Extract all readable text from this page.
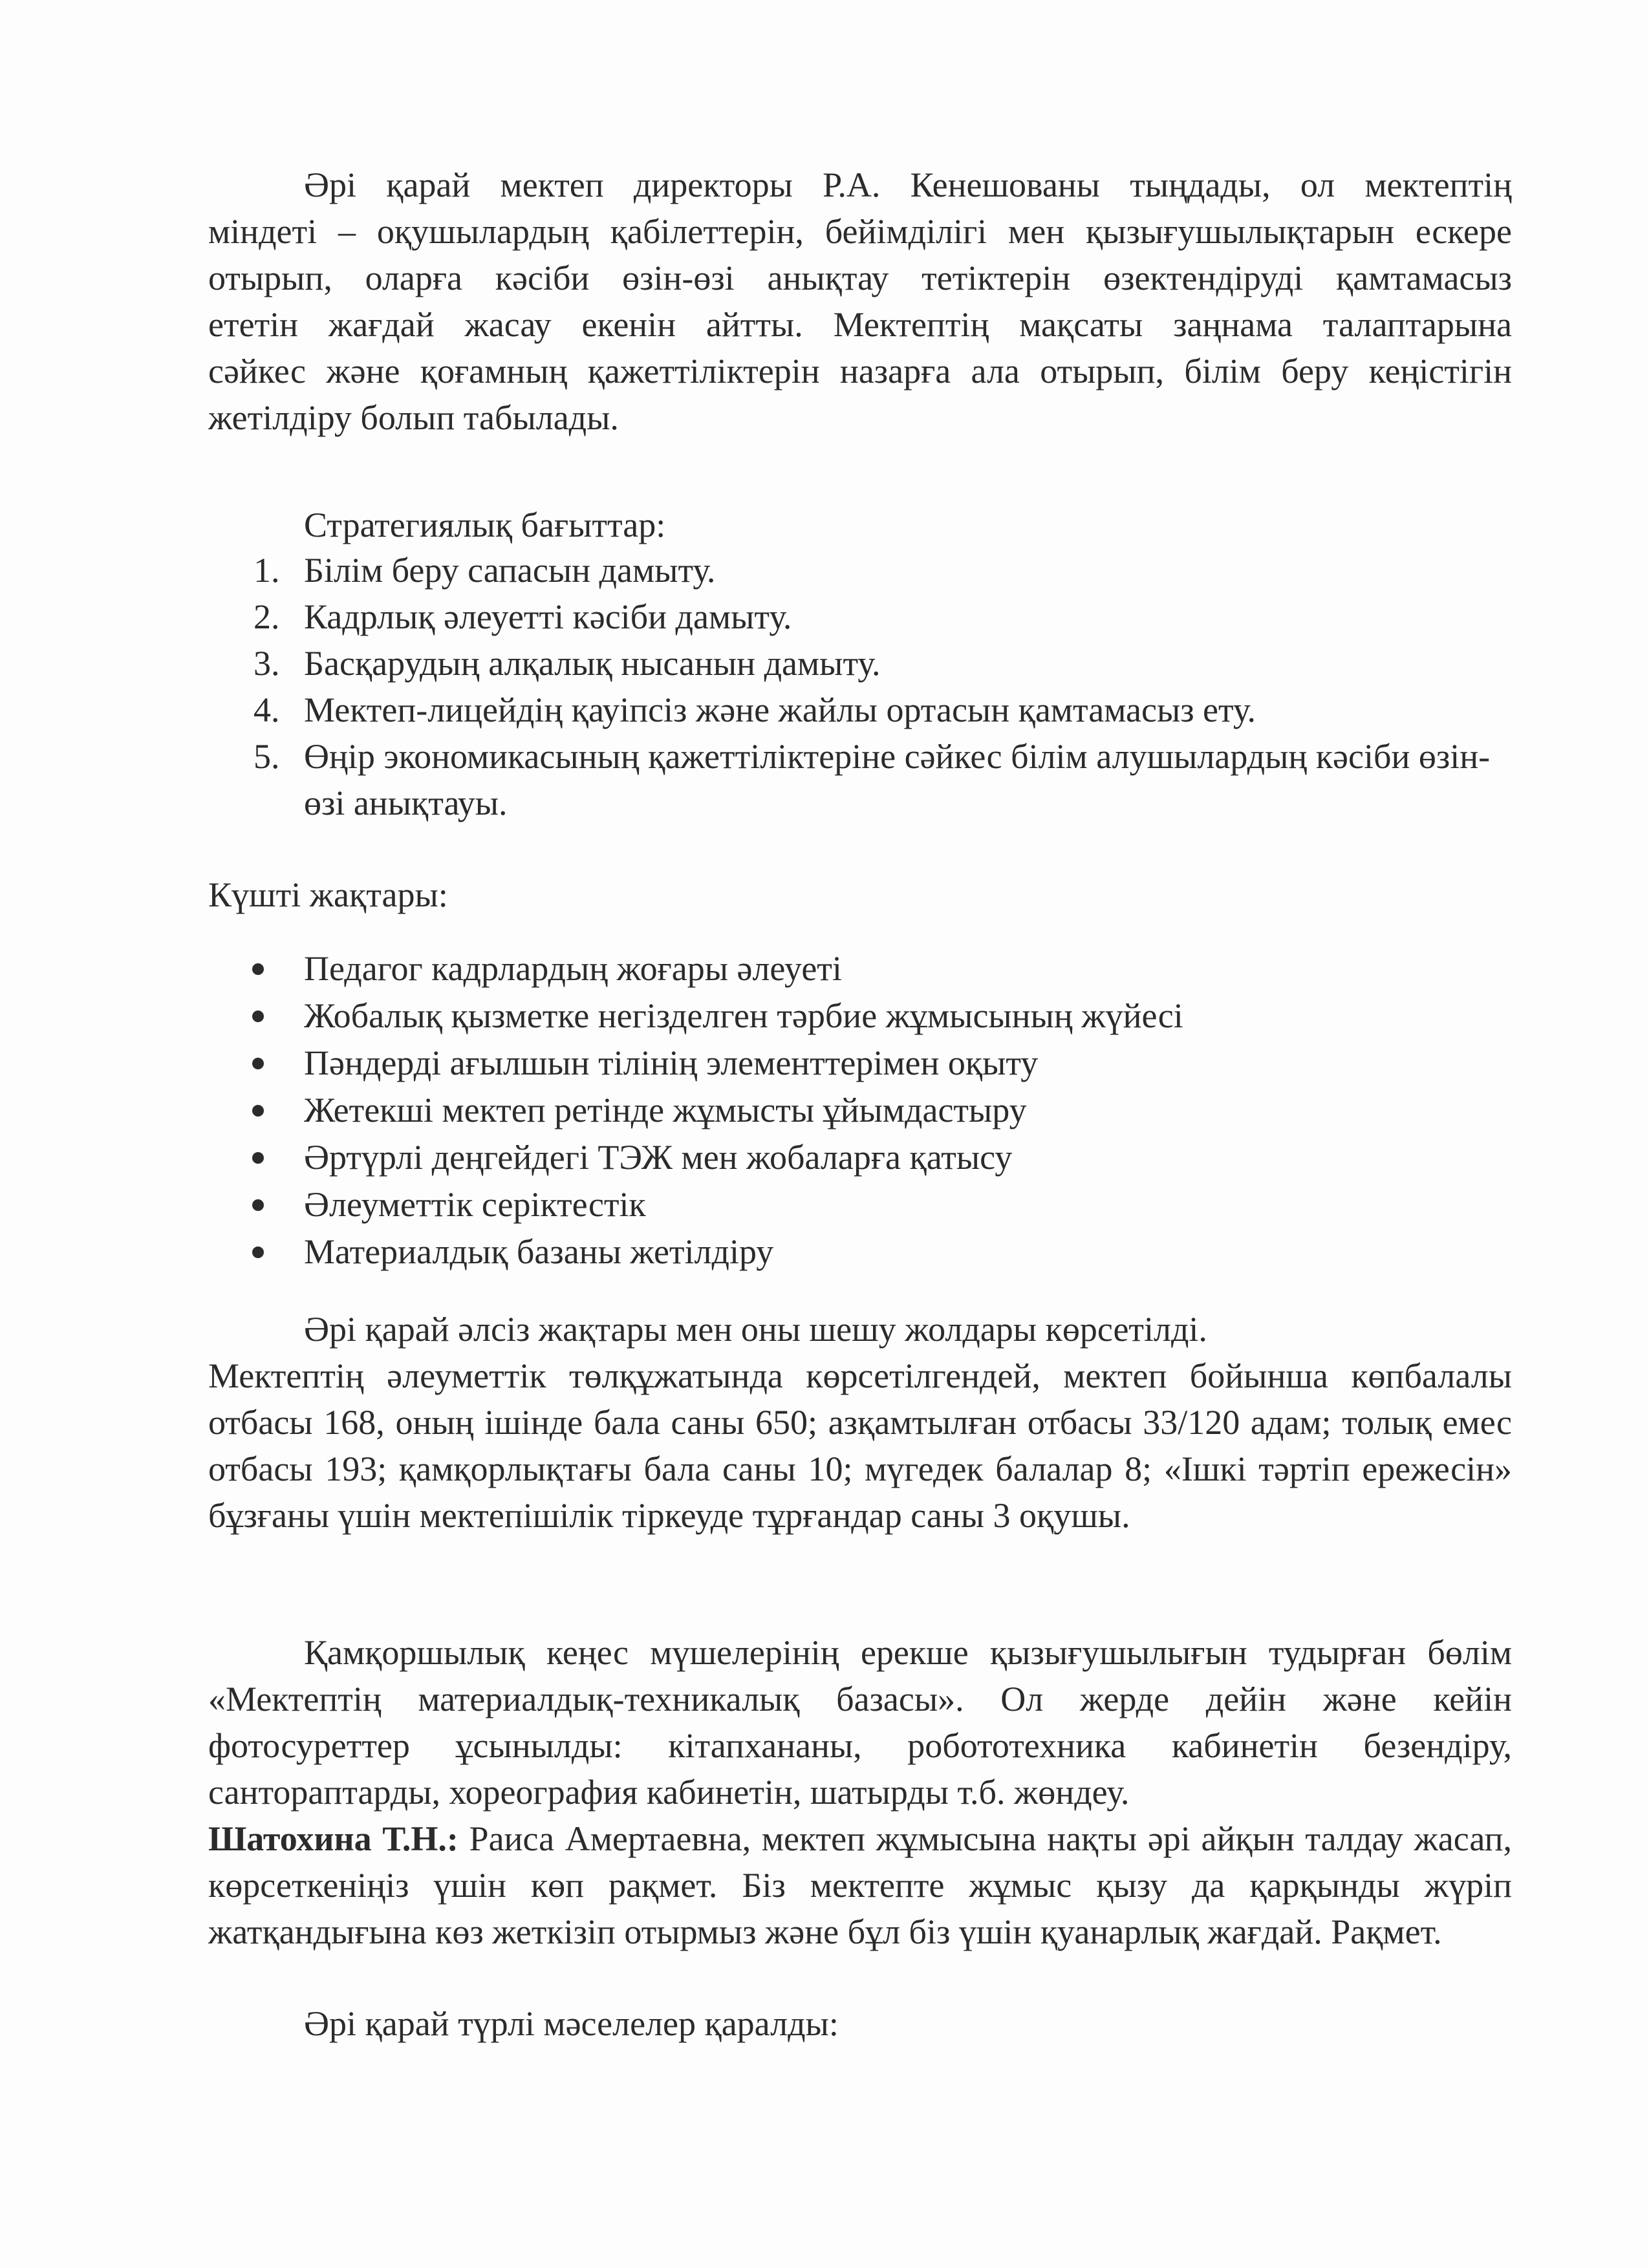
Әрі қарай мектеп директоры Р.А. Кенешованы тыңдады, ол мектептің
міндеті – оқушылардың қабілеттерін, бейімділігі мен қызығушылықтарын ескере
отырып, оларға кәсіби өзін-өзі анықтау тетіктерін өзектендіруді қамтамасыз
ететін жағдай жасау екенін айтты. Мектептің мақсаты заңнама талаптарына
сәйкес және қоғамның қажеттіліктерін назарға ала отырып, білім беру кеңістігін
жетілдіру болып табылады.
Стратегиялық бағыттар:
1. Білім беру сапасын дамыту.
2. Кадрлық әлеуетті кәсіби дамыту.
3. Басқарудың алқалық нысанын дамыту.
4. Мектеп-лицейдің қауіпсіз және жайлы ортасын қамтамасыз ету.
5. Өңір экономикасының қажеттіліктеріне сәйкес білім алушылардың кәсіби өзін-өзі анықтауы.
Күшті жақтары:
Педагог кадрлардың жоғары әлеуеті
Жобалық қызметке негізделген тәрбие жұмысының жүйесі
Пәндерді ағылшын тілінің элементтерімен оқыту
Жетекші мектеп ретінде жұмысты ұйымдастыру
Әртүрлі деңгейдегі ТЭЖ мен жобаларға қатысу
Әлеуметтік серіктестік
Материалдық базаны жетілдіру

Әрі қарай әлсіз жақтары мен оны шешу жолдары көрсетілді.

Мектептің әлеуметтік төлқұжатында көрсетілгендей, мектеп бойынша көпбалалы отбасы 168, оның ішінде бала саны 650; азқамтылған отбасы 33/120 адам; толық емес отбасы 193; қамқорлықтағы бала саны 10; мүгедек балалар 8; «Ішкі тәртіп ережесін» бұзғаны үшін мектепішілік тіркеуде тұрғандар саны 3 оқушы.

Қамқоршылық кеңес мүшелерінің ерекше қызығушылығын тудырған бөлім «Мектептің материалдық-техникалық базасы». Ол жерде дейін және кейін фотосуреттер ұсынылды: кітапхананы, робототехника кабинетін безендіру, санторaптарды, хореография кабинетін, шатырды т.б. жөндеу.

Шатохина Т.Н.: Раиса Амертаевна, мектеп жұмысына нақты әрі айқын талдау жасап, көрсеткеніңіз үшін көп рақмет. Біз мектепте жұмыс қызу да қарқынды жүріп жатқандығына көз жеткізіп отырмыз және бұл біз үшін қуанарлық жағдай. Рақмет.

Әрі қарай түрлі мәселелер қаралды:
